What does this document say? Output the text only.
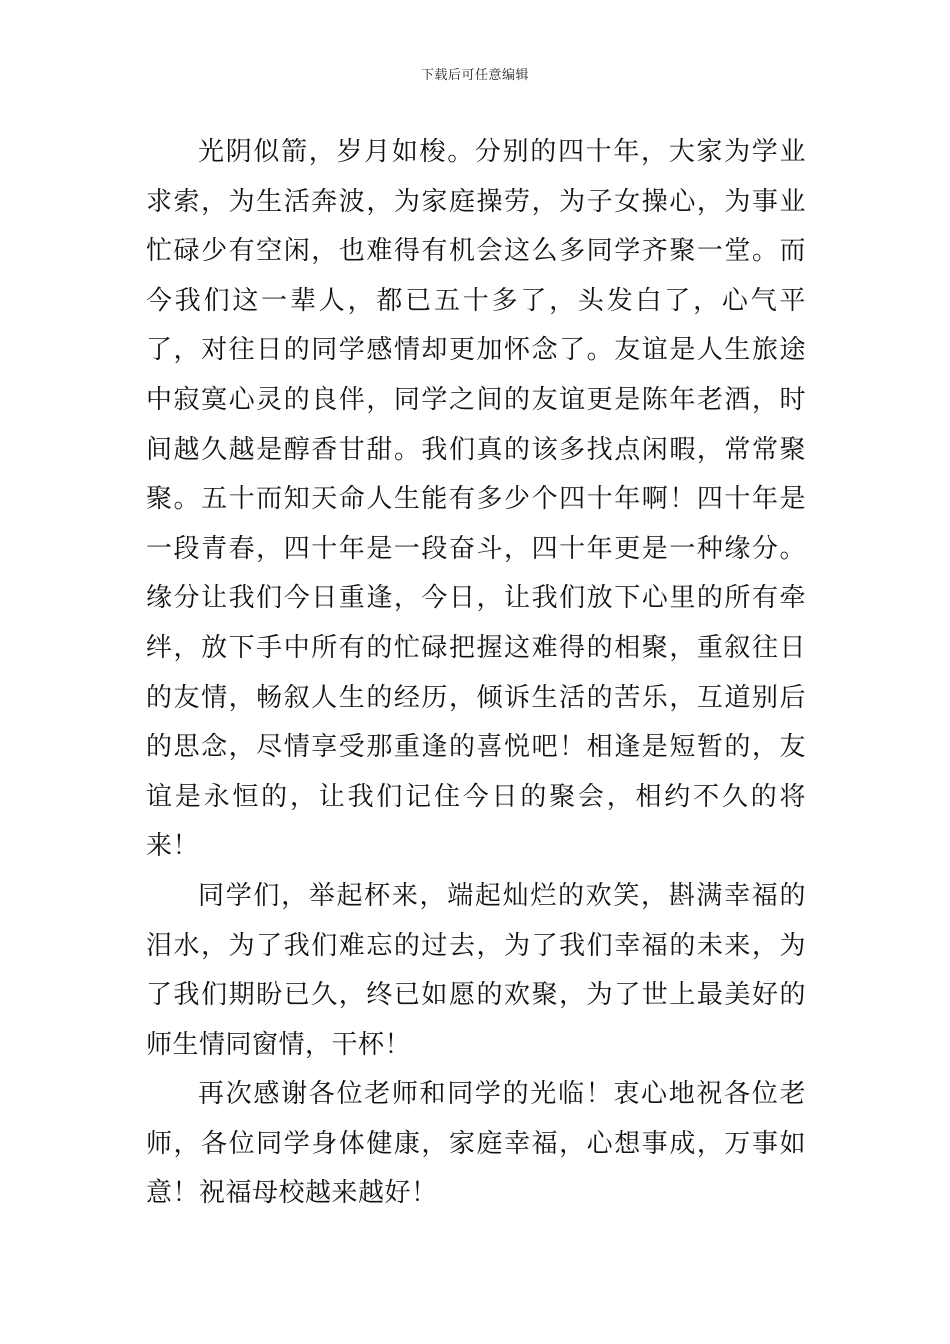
下载后可任意编辑

光阴似箭，岁月如梭。分别的四十年，大家为学业求索，为生活奔波，为家庭操劳，为子女操心，为事业忙碌少有空闲，也难得有机会这么多同学齐聚一堂。而今我们这一辈人，都已五十多了，头发白了，心气平了，对往日的同学感情却更加怀念了。友谊是人生旅途中寂寞心灵的良伴，同学之间的友谊更是陈年老酒，时间越久越是醇香甘甜。我们真的该多找点闲暇，常常聚聚。五十而知天命人生能有多少个四十年啊！四十年是一段青春，四十年是一段奋斗，四十年更是一种缘分。缘分让我们今日重逢，今日，让我们放下心里的所有牵绊，放下手中所有的忙碌把握这难得的相聚，重叙往日的友情，畅叙人生的经历，倾诉生活的苦乐，互道别后的思念，尽情享受那重逢的喜悦吧！相逢是短暂的，友谊是永恒的，让我们记住今日的聚会，相约不久的将来！

同学们，举起杯来，端起灿烂的欢笑，斟满幸福的泪水，为了我们难忘的过去，为了我们幸福的未来，为了我们期盼已久，终已如愿的欢聚，为了世上最美好的师生情同窗情，干杯！

再次感谢各位老师和同学的光临！衷心地祝各位老师，各位同学身体健康，家庭幸福，心想事成，万事如意！祝福母校越来越好！
